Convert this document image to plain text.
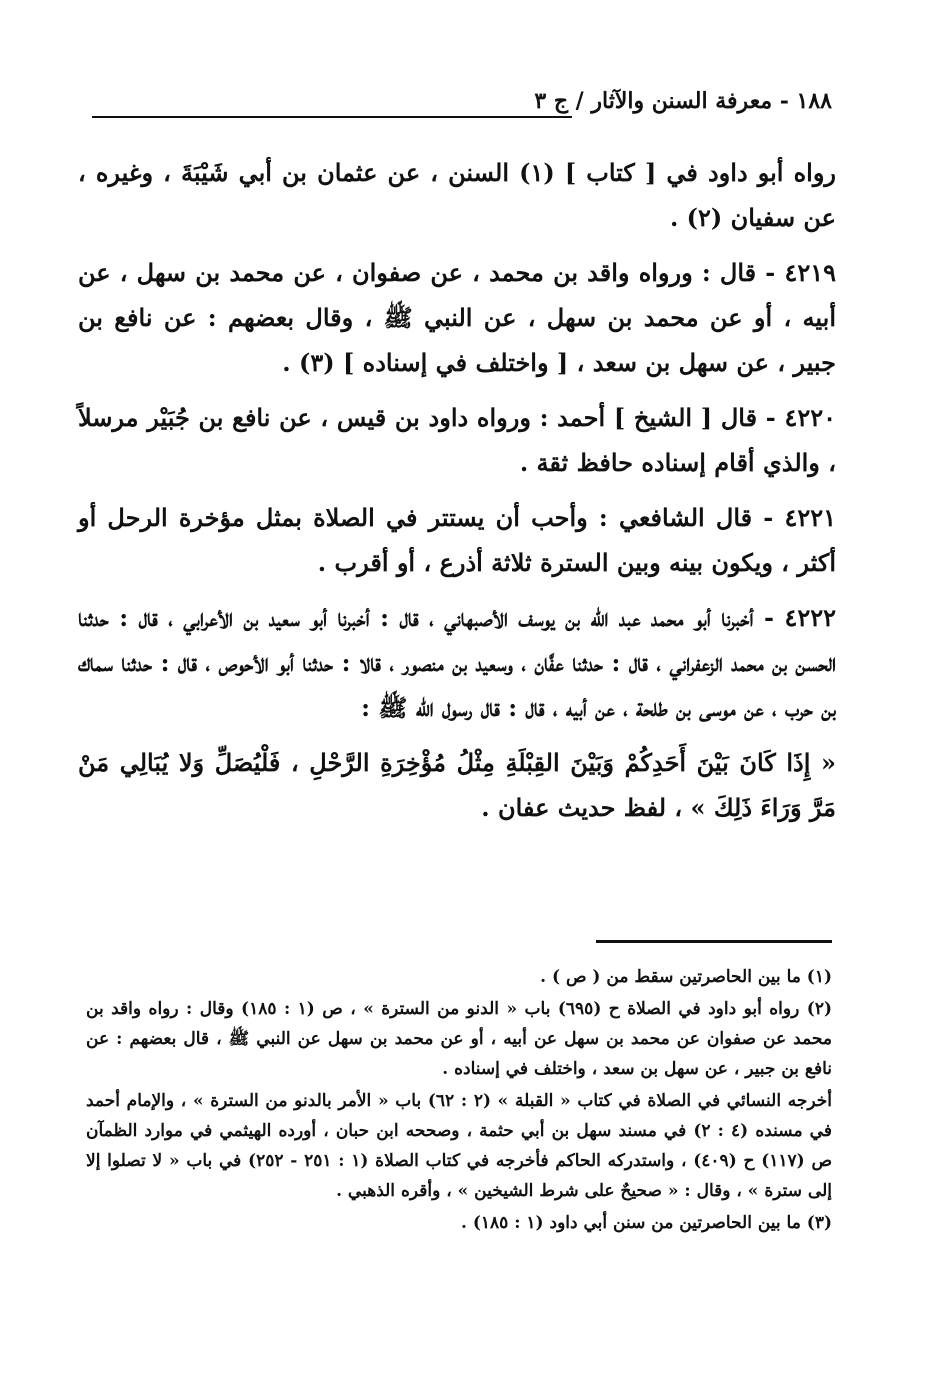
١٨٨ - معرفة السنن والآثار / ج ٣

رواه أبو داود في [ كتاب ] (١) السنن ، عن عثمان بن أبي شَيْبَةَ ، وغيره ، عن سفيان (٢) .

٤٢١٩ - قال : ورواه واقد بن محمد ، عن صفوان ، عن محمد بن سهل ، عن أبيه ، أو عن محمد بن سهل ، عن النبي ﷺ ، وقال بعضهم : عن نافع بن جبير ، عن سهل بن سعد ، [ واختلف في إسناده ] (٣) .

٤٢٢٠ - قال [ الشيخ ] أحمد : ورواه داود بن قيس ، عن نافع بن جُبَيْر مرسلاً ، والذي أقام إسناده حافظ ثقة .

٤٢٢١ - قال الشافعي : وأحب أن يستتر في الصلاة بمثل مؤخرة الرحل أو أكثر ، ويكون بينه وبين السترة ثلاثة أذرع ، أو أقرب .

٤٢٢٢ - أخبرنا أبو محمد عبد الله بن يوسف الأصبهاني ، قال : أخبرنا أبو سعيد بن الأعرابي ، قال : حدثنا الحسن بن محمد الزعفراني ، قال : حدثنا عفَّان ، وسعيد بن منصور ، قالا : حدثنا أبو الأحوص ، قال : حدثنا سماك بن حرب ، عن موسى بن طلحة ، عن أبيه ، قال : قال رسول الله ﷺ :

« إِذَا كَانَ بَيْنَ أَحَدِكُمْ وَبَيْنَ القِبْلَةِ مِثْلُ مُؤْخِرَةِ الرَّحْلِ ، فَلْيُصَلِّ وَلا يُبَالِي مَنْ مَرَّ وَرَاءَ ذَلِكَ » ، لفظ حديث عفان .

(١) ما بين الحاصرتين سقط من ( ص ) .

(٢) رواه أبو داود في الصلاة ح (٦٩٥) باب « الدنو من السترة » ، ص (١ : ١٨٥) وقال : رواه واقد بن محمد عن صفوان عن محمد بن سهل عن أبيه ، أو عن محمد بن سهل عن النبي ﷺ ، قال بعضهم : عن نافع بن جبير ، عن سهل بن سعد ، واختلف في إسناده .

أخرجه النسائي في الصلاة في كتاب « القبلة » (٢ : ٦٢) باب « الأمر بالدنو من السترة » ، والإمام أحمد في مسنده (٤ : ٢) في مسند سهل بن أبي حثمة ، وصححه ابن حبان ، أورده الهيثمي في موارد الظمآن ص (١١٧) ح (٤٠٩) ، واستدركه الحاكم فأخرجه في كتاب الصلاة (١ : ٢٥١ - ٢٥٢) في باب « لا تصلوا إلا إلى سترة » ، وقال : « صحيحٌ على شرط الشيخين » ، وأقره الذهبي .

(٣) ما بين الحاصرتين من سنن أبي داود (١ : ١٨٥) .
